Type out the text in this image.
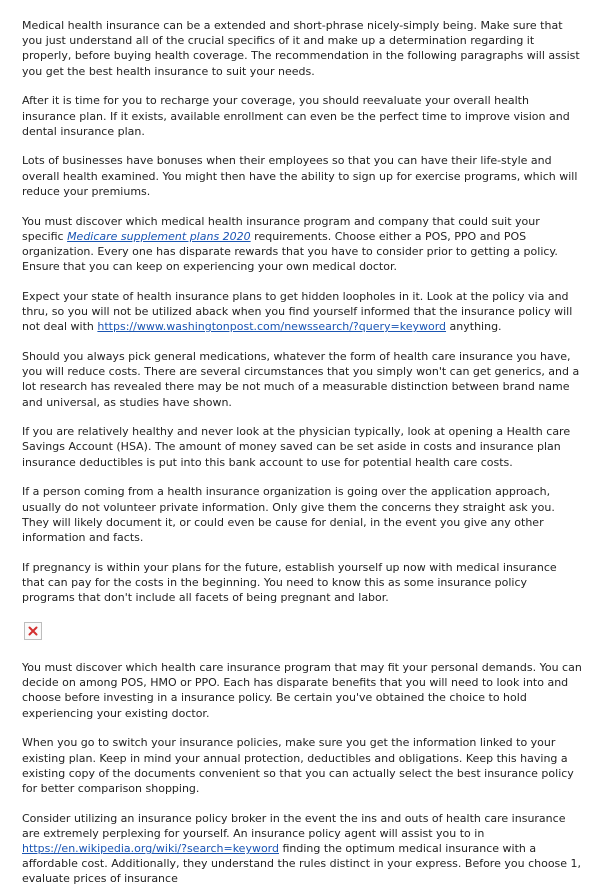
Medical health insurance can be a extended and short-phrase nicely-simply being. Make sure that you just understand all of the crucial specifics of it and make up a determination regarding it properly, before buying health coverage. The recommendation in the following paragraphs will assist you get the best health insurance to suit your needs.

After it is time for you to recharge your coverage, you should reevaluate your overall health insurance plan. If it exists, available enrollment can even be the perfect time to improve vision and dental insurance plan.

Lots of businesses have bonuses when their employees so that you can have their life-style and overall health examined. You might then have the ability to sign up for exercise programs, which will reduce your premiums.

You must discover which medical health insurance program and company that could suit your specific Medicare supplement plans 2020 requirements. Choose either a POS, PPO and POS organization. Every one has disparate rewards that you have to consider prior to getting a policy. Ensure that you can keep on experiencing your own medical doctor.

Expect your state of health insurance plans to get hidden loopholes in it. Look at the policy via and thru, so you will not be utilized aback when you find yourself informed that the insurance policy will not deal with https://www.washingtonpost.com/newssearch/?query=keyword anything.

Should you always pick general medications, whatever the form of health care insurance you have, you will reduce costs. There are several circumstances that you simply won't can get generics, and a lot research has revealed there may be not much of a measurable distinction between brand name and universal, as studies have shown.

If you are relatively healthy and never look at the physician typically, look at opening a Health care Savings Account (HSA). The amount of money saved can be set aside in costs and insurance plan insurance deductibles is put into this bank account to use for potential health care costs.

If a person coming from a health insurance organization is going over the application approach, usually do not volunteer private information. Only give them the concerns they straight ask you. They will likely document it, or could even be cause for denial, in the event you give any other information and facts.

If pregnancy is within your plans for the future, establish yourself up now with medical insurance that can pay for the costs in the beginning. You need to know this as some insurance policy programs that don't include all facets of being pregnant and labor.

You must discover which health care insurance program that may fit your personal demands. You can decide on among POS, HMO or PPO. Each has disparate benefits that you will need to look into and choose before investing in a insurance policy. Be certain you've obtained the choice to hold experiencing your existing doctor.

When you go to switch your insurance policies, make sure you get the information linked to your existing plan. Keep in mind your annual protection, deductibles and obligations. Keep this having a existing copy of the documents convenient so that you can actually select the best insurance policy for better comparison shopping.

Consider utilizing an insurance policy broker in the event the ins and outs of health care insurance are extremely perplexing for yourself. An insurance policy agent will assist you to in https://en.wikipedia.org/wiki/?search=keyword finding the optimum medical insurance with a affordable cost. Additionally, they understand the rules distinct in your express. Before you choose 1, evaluate prices of insurance
